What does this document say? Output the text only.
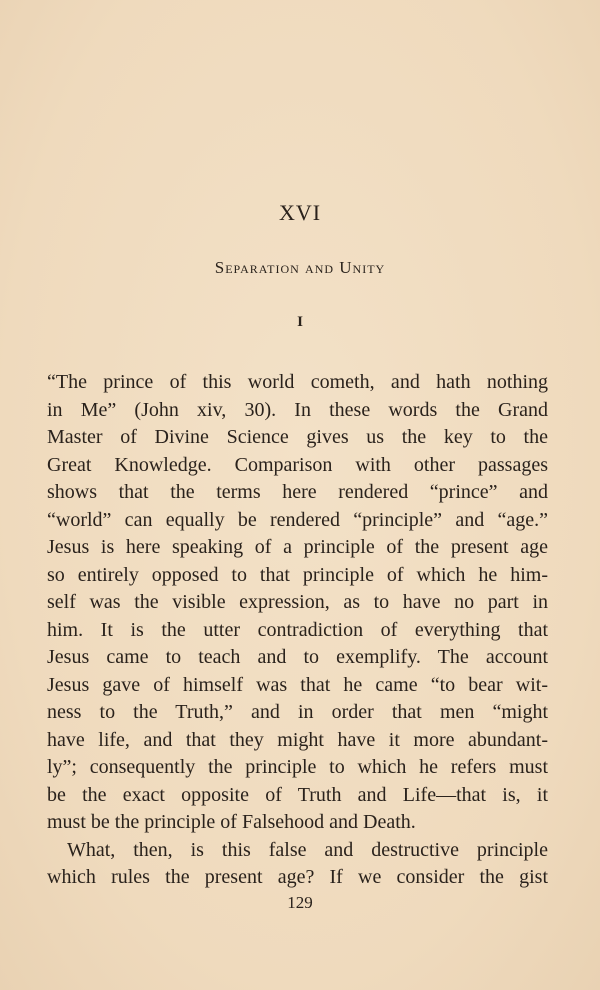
XVI
Separation and Unity
I
“The prince of this world cometh, and hath nothing
in Me” (John xiv, 30). In these words the Grand
Master of Divine Science gives us the key to the
Great Knowledge. Comparison with other passages
shows that the terms here rendered “prince” and
“world” can equally be rendered “principle” and “age.”
Jesus is here speaking of a principle of the present age
so entirely opposed to that principle of which he him-
self was the visible expression, as to have no part in
him. It is the utter contradiction of everything that
Jesus came to teach and to exemplify. The account
Jesus gave of himself was that he came “to bear wit-
ness to the Truth,” and in order that men “might
have life, and that they might have it more abundant-
ly”; consequently the principle to which he refers must
be the exact opposite of Truth and Life—that is, it
must be the principle of Falsehood and Death.
What, then, is this false and destructive principle
which rules the present age? If we consider the gist
129
